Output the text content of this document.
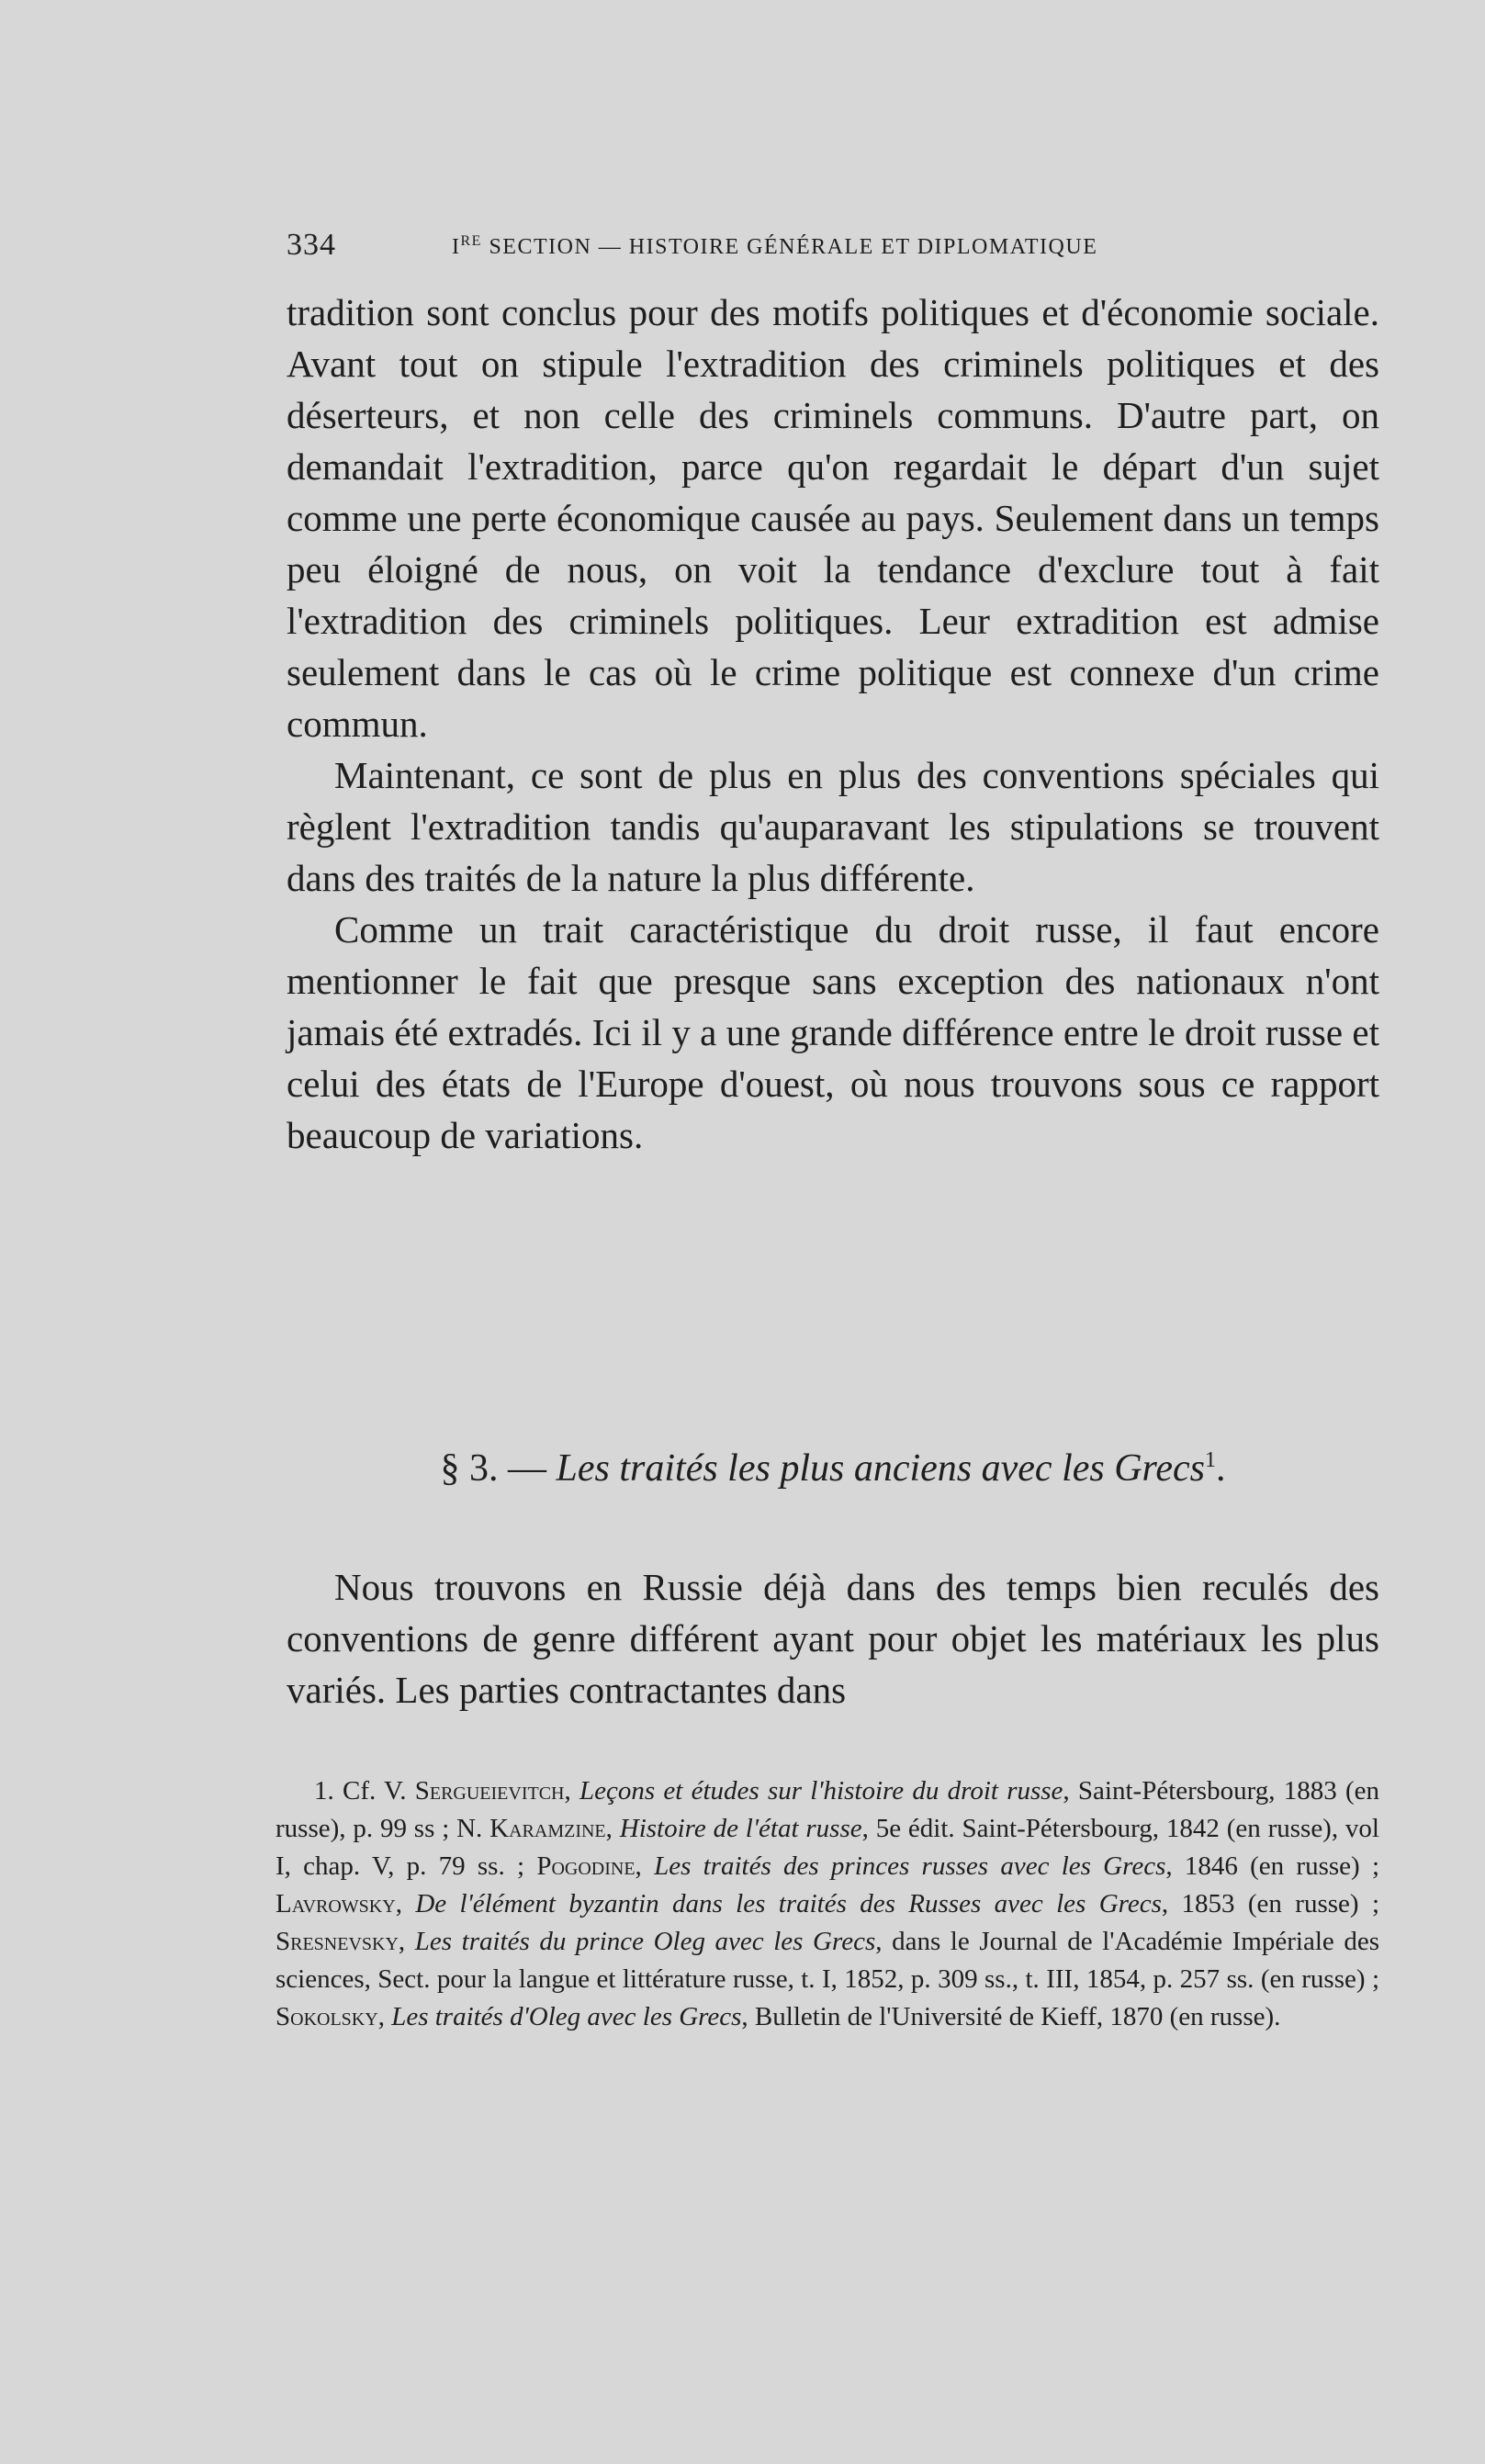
334	IRE SECTION — HISTOIRE GÉNÉRALE ET DIPLOMATIQUE

tradition sont conclus pour des motifs politiques et d'économie sociale. Avant tout on stipule l'extradition des criminels politiques et des déserteurs, et non celle des criminels communs. D'autre part, on demandait l'extradition, parce qu'on regardait le départ d'un sujet comme une perte économique causée au pays. Seulement dans un temps peu éloigné de nous, on voit la tendance d'exclure tout à fait l'extradition des criminels politiques. Leur extradition est admise seulement dans le cas où le crime politique est connexe d'un crime commun.

Maintenant, ce sont de plus en plus des conventions spéciales qui règlent l'extradition tandis qu'auparavant les stipulations se trouvent dans des traités de la nature la plus différente.

Comme un trait caractéristique du droit russe, il faut encore mentionner le fait que presque sans exception des nationaux n'ont jamais été extradés. Ici il y a une grande différence entre le droit russe et celui des états de l'Europe d'ouest, où nous trouvons sous ce rapport beaucoup de variations.

§ 3. — Les traités les plus anciens avec les Grecs$^1$.
Nous trouvons en Russie déjà dans des temps bien reculés des conventions de genre différent ayant pour objet les matériaux les plus variés. Les parties contractantes dans
1. Cf. V. Sergueievitch, Leçons et études sur l'histoire du droit russe, Saint-Pétersbourg, 1883 (en russe), p. 99 ss ; N. Karamzine, Histoire de l'état russe, 5e édit. Saint-Pétersbourg, 1842 (en russe), vol I, chap. V, p. 79 ss. ; Pogodine, Les traités des princes russes avec les Grecs, 1846 (en russe) ; Lavrowsky, De l'élément byzantin dans les traités des Russes avec les Grecs, 1853 (en russe) ; Sresnevsky, Les traités du prince Oleg avec les Grecs, dans le Journal de l'Académie Impériale des sciences, Sect. pour la langue et littérature russe, t. I, 1852, p. 309 ss., t. III, 1854, p. 257 ss. (en russe) ; Sokolsky, Les traités d'Oleg avec les Grecs, Bulletin de l'Université de Kieff, 1870 (en russe).
